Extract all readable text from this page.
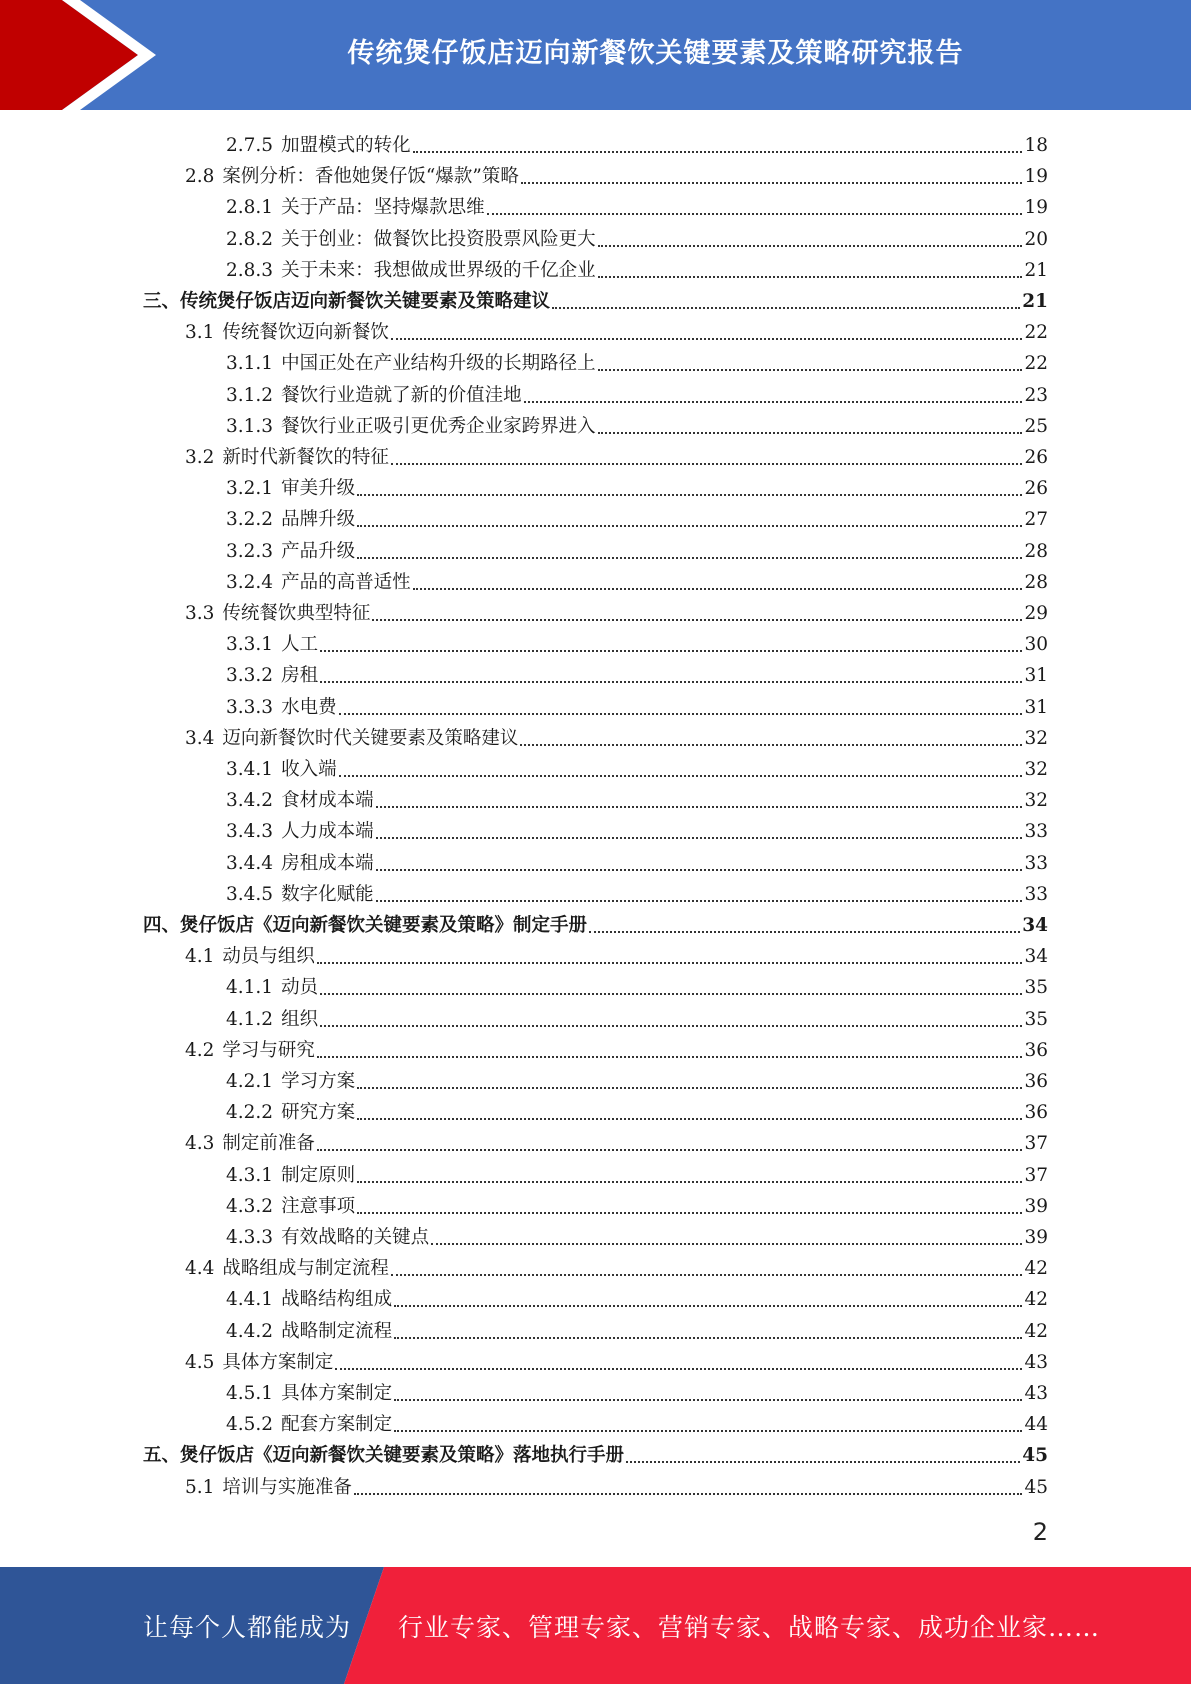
传统煲仔饭店迈向新餐饮关键要素及策略研究报告
2.7.5 加盟模式的转化	18
2.8 案例分析：香他她煲仔饭“爆款”策略	19
2.8.1 关于产品：坚持爆款思维	19
2.8.2 关于创业：做餐饮比投资股票风险更大	20
2.8.3 关于未来：我想做成世界级的千亿企业	21
三、 传统煲仔饭店迈向新餐饮关键要素及策略建议	21
3.1 传统餐饮迈向新餐饮	22
3.1.1 中国正处在产业结构升级的长期路径上	22
3.1.2 餐饮行业造就了新的价值洼地	23
3.1.3 餐饮行业正吸引更优秀企业家跨界进入	25
3.2 新时代新餐饮的特征	26
3.2.1 审美升级	26
3.2.2 品牌升级	27
3.2.3 产品升级	28
3.2.4 产品的高普适性	28
3.3 传统餐饮典型特征	29
3.3.1 人工	30
3.3.2 房租	31
3.3.3 水电费	31
3.4 迈向新餐饮时代关键要素及策略建议	32
3.4.1 收入端	32
3.4.2 食材成本端	32
3.4.3 人力成本端	33
3.4.4 房租成本端	33
3.4.5 数字化赋能	33
四、 煲仔饭店《迈向新餐饮关键要素及策略》制定手册	34
4.1 动员与组织	34
4.1.1 动员	35
4.1.2 组织	35
4.2 学习与研究	36
4.2.1 学习方案	36
4.2.2 研究方案	36
4.3 制定前准备	37
4.3.1 制定原则	37
4.3.2 注意事项	39
4.3.3 有效战略的关键点	39
4.4 战略组成与制定流程	42
4.4.1 战略结构组成	42
4.4.2 战略制定流程	42
4.5 具体方案制定	43
4.5.1 具体方案制定	43
4.5.2 配套方案制定	44
五、 煲仔饭店《迈向新餐饮关键要素及策略》落地执行手册	45
5.1 培训与实施准备	45
2
让每个人都能成为 行业专家、管理专家、营销专家、战略专家、成功企业家……
